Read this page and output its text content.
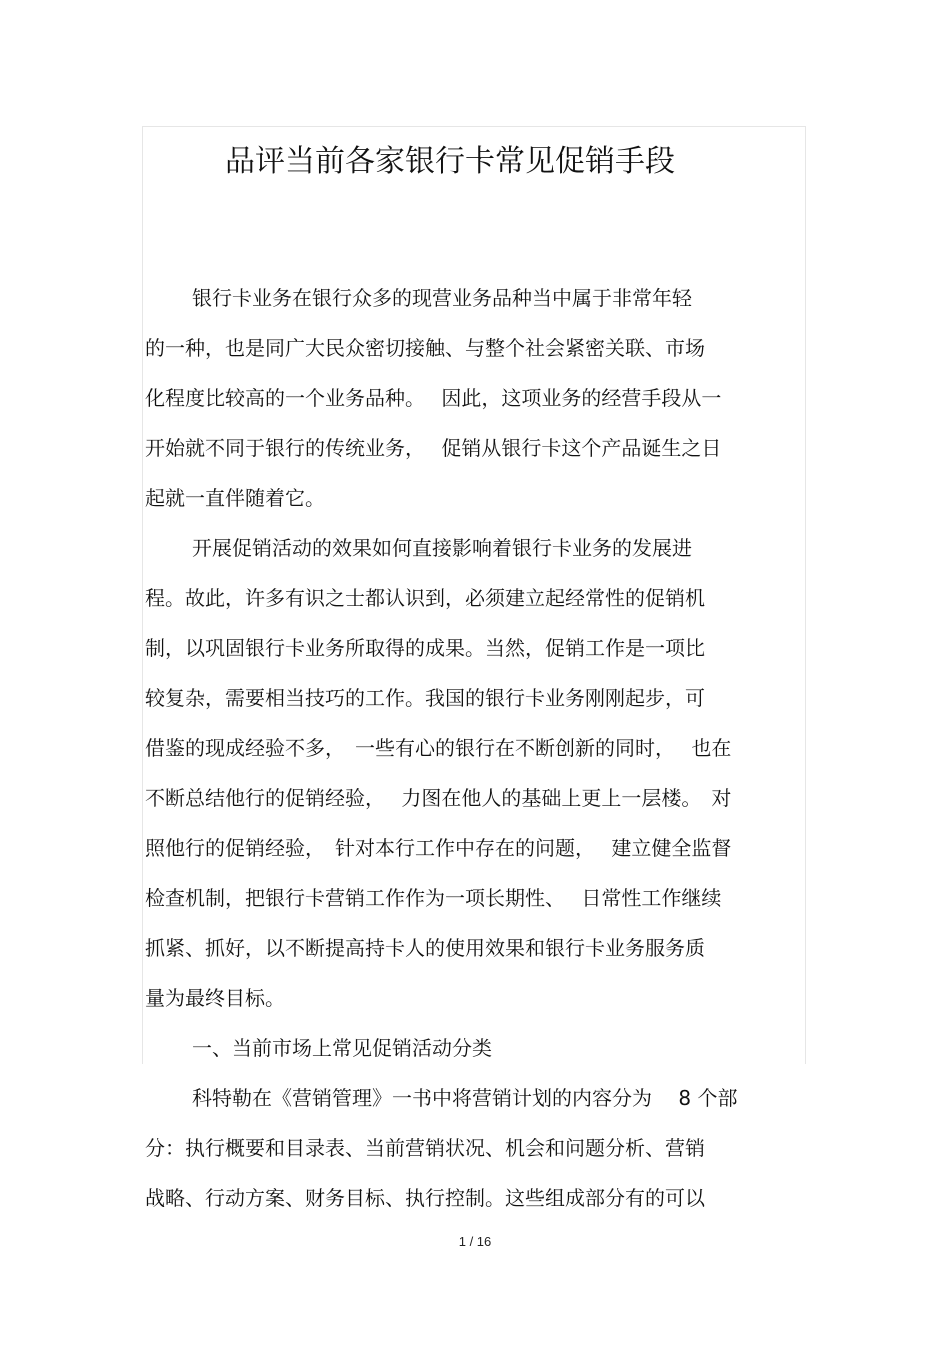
品评当前各家银行卡常见促销手段
银行卡业务在银行众多的现营业务品种当中属于非常年轻
的一种，也是同广大民众密切接触、与整个社会紧密关联、市场
化程度比较高的一个业务品种。　 因此，这项业务的经营手段从一
开始就不同于银行的传统业务，　 促销从银行卡这个产品诞生之日
起就一直伴随着它。
开展促销活动的效果如何直接影响着银行卡业务的发展进
程。故此，许多有识之士都认识到，必须建立起经常性的促销机
制，以巩固银行卡业务所取得的成果。当然，促销工作是一项比
较复杂，需要相当技巧的工作。我国的银行卡业务刚刚起步，可
借鉴的现成经验不多，　一些有心的银行在不断创新的同时，　 也在
不断总结他行的促销经验，　 力图在他人的基础上更上一层楼。　对
照他行的促销经验，　针对本行工作中存在的问题，　 建立健全监督
检查机制，把银行卡营销工作作为一项长期性、　 日常性工作继续
抓紧、抓好，以不断提高持卡人的使用效果和银行卡业务服务质
量为最终目标。
一、当前市场上常见促销活动分类
科特勒在《营销管理》一书中将营销计划的内容分为　 8 个部
分：执行概要和目录表、当前营销状况、机会和问题分析、营销
战略、行动方案、财务目标、执行控制。这些组成部分有的可以
1 / 16
